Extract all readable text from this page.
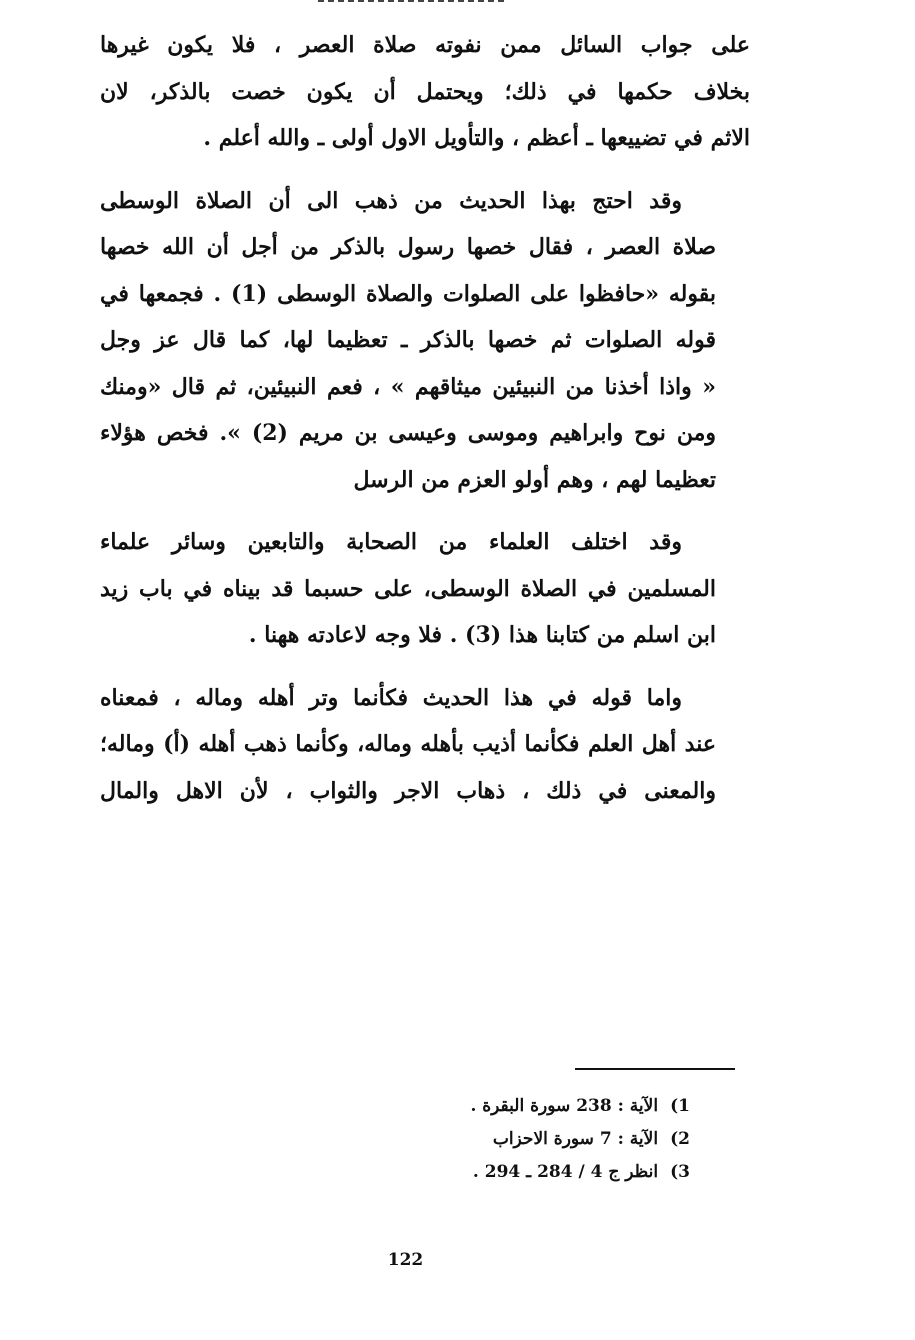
على جواب السائل ممن نفوته صلاة العصر ، فلا يكون غيرها
بخلاف حكمها في ذلك؛ ويحتمل أن يكون خصت بالذكر، لان
الاثم في تضييعها ـ أعظم ، والتأويل الاول أولى ـ والله أعلم .

وقد احتج بهذا الحديث من ذهب الى أن الصلاة الوسطى
صلاة العصر ، فقال خصها رسول بالذكر من أجل أن الله خصها
بقوله «حافظوا على الصلوات والصلاة الوسطى (1) . فجمعها في
قوله الصلوات ثم خصها بالذكر ـ تعظيما لها، كما قال عز وجل
« واذا أخذنا من النبيئين ميثاقهم » ، فعم النبيئين، ثم قال «ومنك
ومن نوح وابراهيم وموسى وعيسى بن مريم (2) ». فخص هؤلاء
تعظيما لهم ، وهم أولو العزم من الرسل

وقد اختلف العلماء من الصحابة والتابعين وسائر علماء
المسلمين في الصلاة الوسطى، على حسبما قد بيناه في باب زيد
ابن اسلم من كتابنا هذا (3) . فلا وجه لاعادته ههنا .

واما قوله في هذا الحديث فكأنما وتر أهله وماله ، فمعناه
عند أهل العلم فكأنما أذيب بأهله وماله، وكأنما ذهب أهله (أ) وماله؛
والمعنى في ذلك ، ذهاب الاجر والثواب ، لأن الاهل والمال

1) الآية : 238 سورة البقرة .
2) الآية : 7 سورة الاحزاب
3) انظر ج 4 / 284 ـ 294 .
122
